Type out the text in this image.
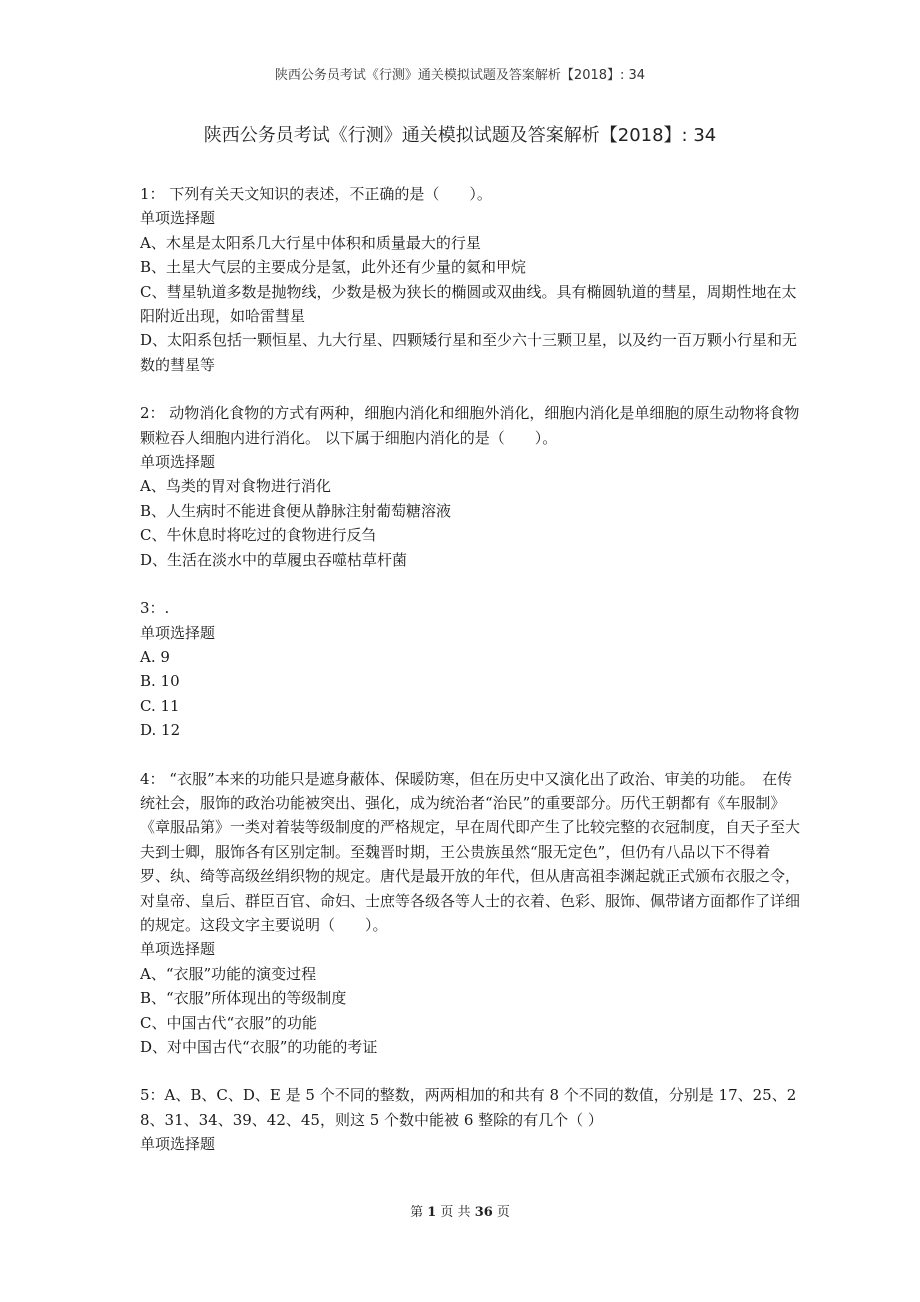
陕西公务员考试《行测》通关模拟试题及答案解析【2018】: 34
陕西公务员考试《行测》通关模拟试题及答案解析【2018】: 34

1： 下列有关天文知识的表述，不正确的是（　　）。

单项选择题

A、木星是太阳系几大行星中体积和质量最大的行星

B、土星大气层的主要成分是氢，此外还有少量的氦和甲烷

C、彗星轨道多数是抛物线，少数是极为狭长的椭圆或双曲线。具有椭圆轨道的彗星，周期性地在太阳附近出现，如哈雷彗星

D、太阳系包括一颗恒星、九大行星、四颗矮行星和至少六十三颗卫星，以及约一百万颗小行星和无数的彗星等

2： 动物消化食物的方式有两种，细胞内消化和细胞外消化，细胞内消化是单细胞的原生动物将食物颗粒吞人细胞内进行消化。 以下属于细胞内消化的是（　　）。

单项选择题

A、鸟类的胃对食物进行消化

B、人生病时不能进食便从静脉注射葡萄糖溶液

C、牛休息时将吃过的食物进行反刍

D、生活在淡水中的草履虫吞噬枯草杆菌

3：.

单项选择题

A. 9

B. 10

C. 11

D. 12

4： “衣服”本来的功能只是遮身蔽体、保暖防寒，但在历史中又演化出了政治、审美的功能。　在传统社会，服饰的政治功能被突出、强化，成为统治者“治民”的重要部分。历代王朝都有《车服制》《章服品第》一类对着装等级制度的严格规定，早在周代即产生了比较完整的衣冠制度，自天子至大夫到士卿，服饰各有区别定制。至魏晋时期，王公贵族虽然“服无定色”，但仍有八品以下不得着罗、纨、绮等高级丝绢织物的规定。唐代是最开放的年代，但从唐高祖李渊起就正式颁布衣服之令，对皇帝、皇后、群臣百官、命妇、士庶等各级各等人士的衣着、色彩、服饰、佩带诸方面都作了详细的规定。这段文字主要说明（　　）。

单项选择题

A、“衣服”功能的演变过程

B、“衣服”所体现出的等级制度

C、中国古代“衣服”的功能

D、对中国古代“衣服”的功能的考证

5：A、B、C、D、E 是 5 个不同的整数，两两相加的和共有 8 个不同的数值，分别是 17、25、28、31、34、39、42、45，则这 5 个数中能被 6 整除的有几个（ ）

单项选择题

第 1 页 共 36 页
